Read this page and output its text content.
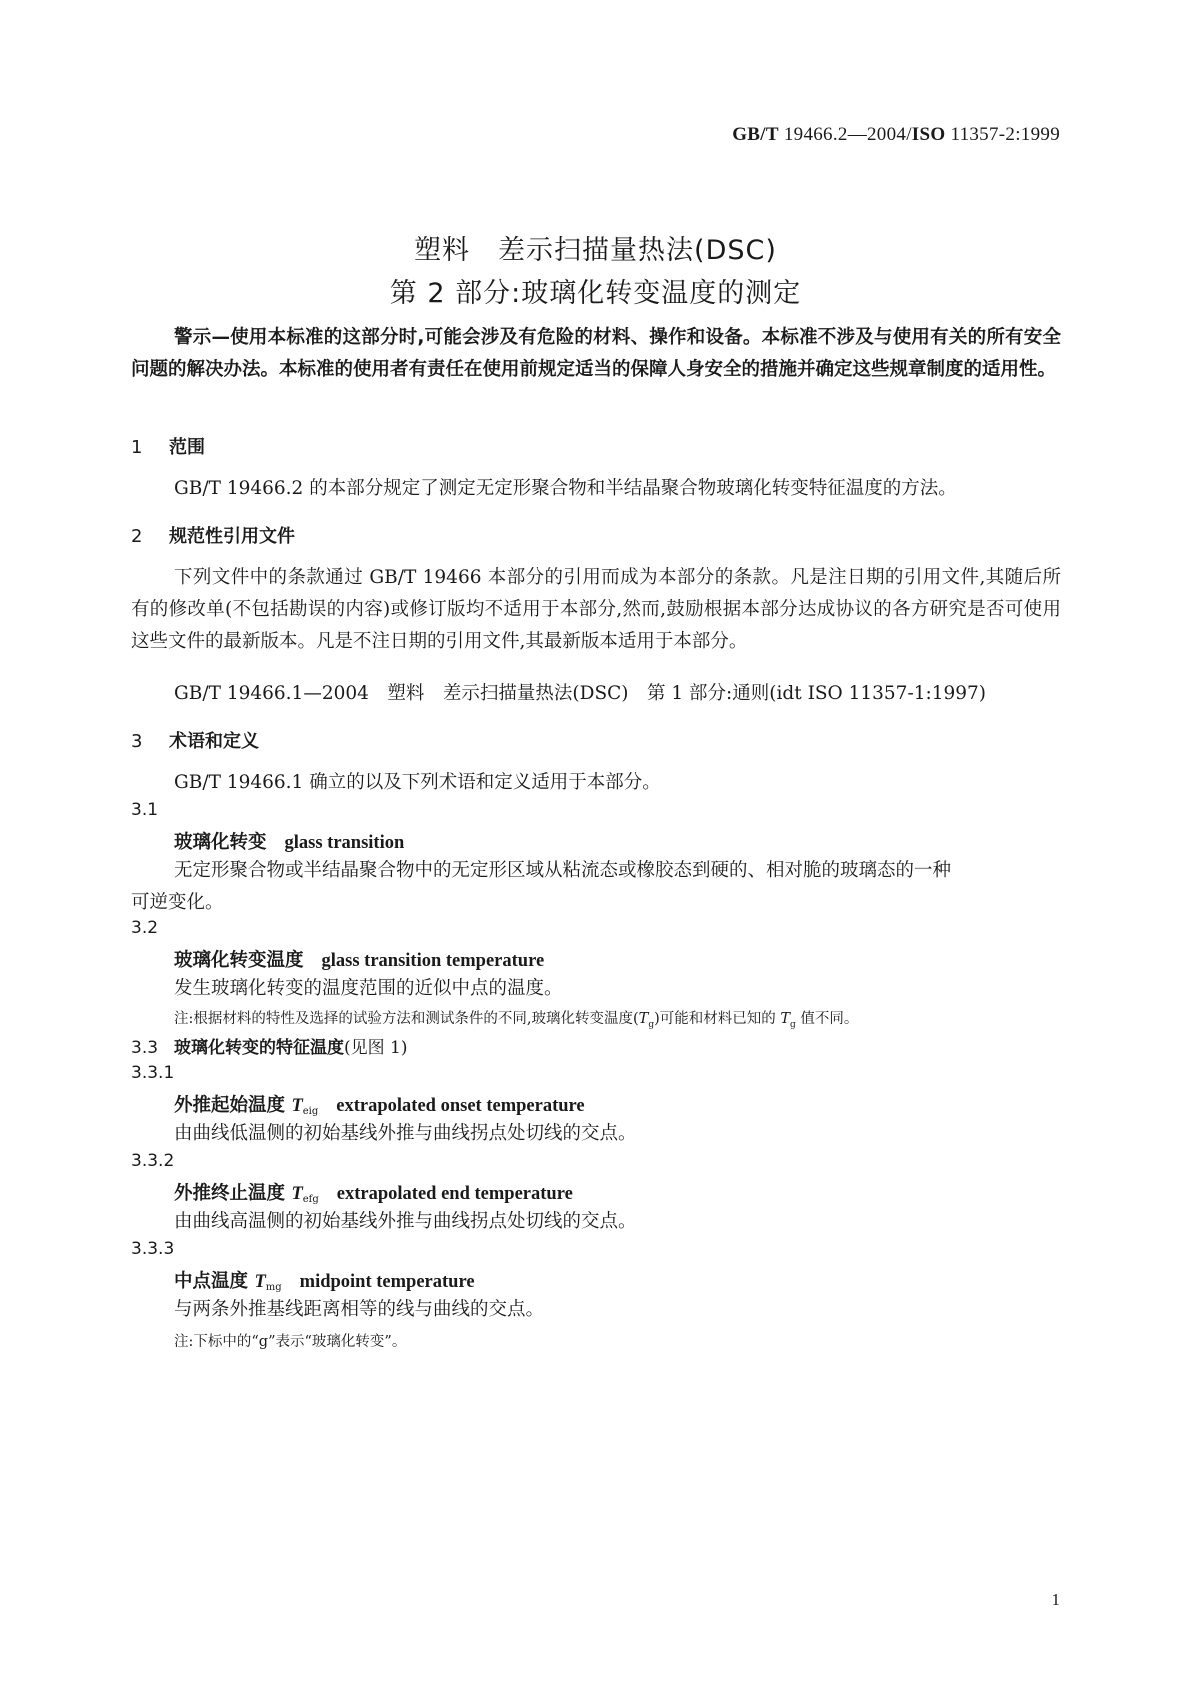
GB/T 19466.2—2004/ISO 11357-2:1999
塑料　差示扫描量热法(DSC)
第 2 部分:玻璃化转变温度的测定
警示—使用本标准的这部分时,可能会涉及有危险的材料、操作和设备。本标准不涉及与使用有关的所有安全问题的解决办法。本标准的使用者有责任在使用前规定适当的保障人身安全的措施并确定这些规章制度的适用性。
1 范围
GB/T 19466.2 的本部分规定了测定无定形聚合物和半结晶聚合物玻璃化转变特征温度的方法。
2 规范性引用文件
下列文件中的条款通过 GB/T 19466 本部分的引用而成为本部分的条款。凡是注日期的引用文件,其随后所有的修改单(不包括勘误的内容)或修订版均不适用于本部分,然而,鼓励根据本部分达成协议的各方研究是否可使用这些文件的最新版本。凡是不注日期的引用文件,其最新版本适用于本部分。
GB/T 19466.1—2004　塑料　差示扫描量热法(DSC)　第 1 部分:通则(idt ISO 11357-1:1997)
3 术语和定义
GB/T 19466.1 确立的以及下列术语和定义适用于本部分。
3.1
玻璃化转变 glass transition
无定形聚合物或半结晶聚合物中的无定形区域从粘流态或橡胶态到硬的、相对脆的玻璃态的一种
可逆变化。
3.2
玻璃化转变温度 glass transition temperature
发生玻璃化转变的温度范围的近似中点的温度。
注:根据材料的特性及选择的试验方法和测试条件的不同,玻璃化转变温度$(T_g)$可能和材料已知的 $T_g$ 值不同。
3.3 玻璃化转变的特征温度(见图 1)
3.3.1
外推起始温度 $T_{eig}$ extrapolated onset temperature
由曲线低温侧的初始基线外推与曲线拐点处切线的交点。
3.3.2
外推终止温度 $T_{efg}$ extrapolated end temperature
由曲线高温侧的初始基线外推与曲线拐点处切线的交点。
3.3.3
中点温度 $T_{mg}$ midpoint temperature
与两条外推基线距离相等的线与曲线的交点。
注:下标中的“g”表示“玻璃化转变”。
1
